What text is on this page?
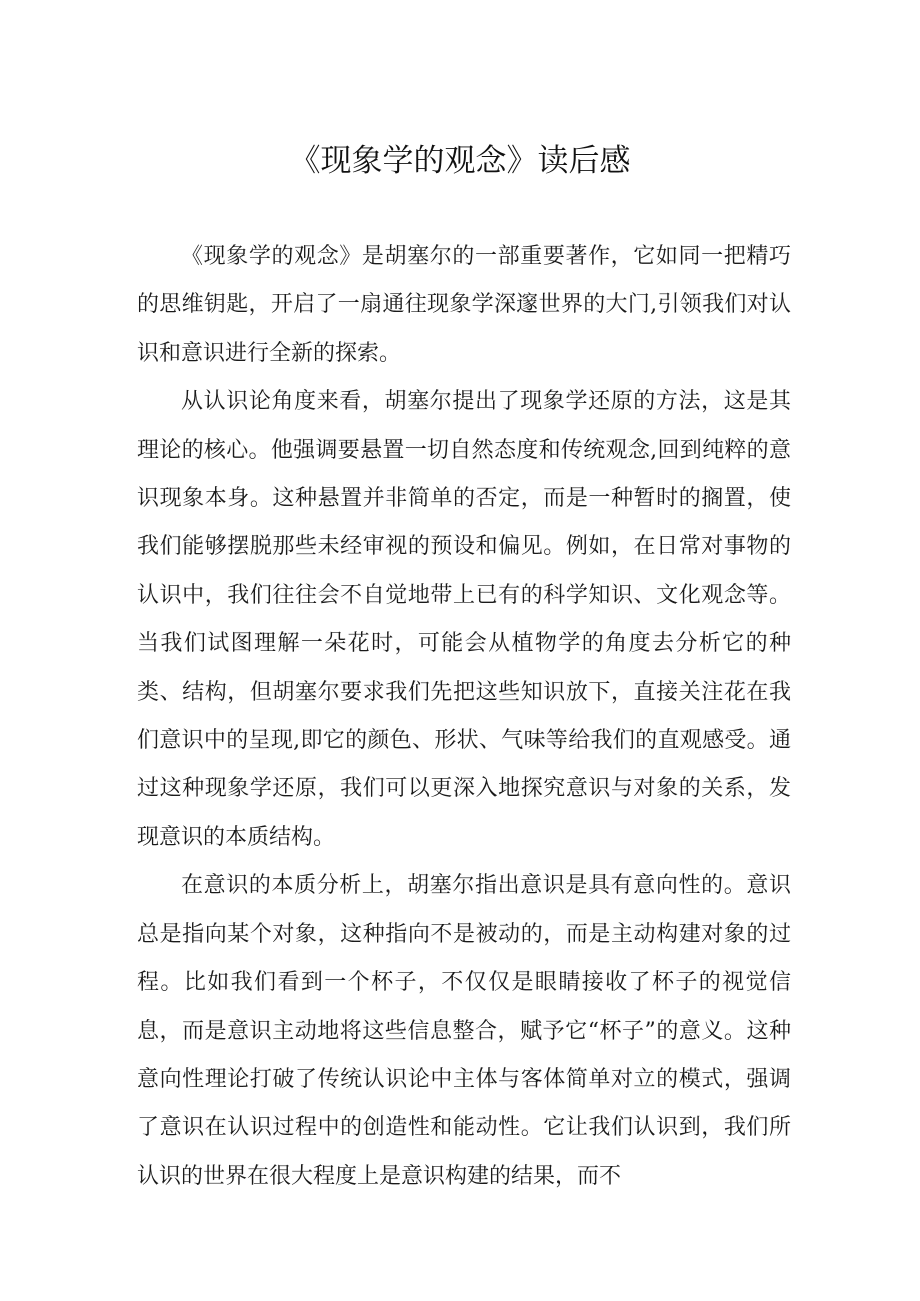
《现象学的观念》读后感

《现象学的观念》是胡塞尔的一部重要著作，它如同一把精巧的思维钥匙，开启了一扇通往现象学深邃世界的大门,引领我们对认识和意识进行全新的探索。

从认识论角度来看，胡塞尔提出了现象学还原的方法，这是其理论的核心。他强调要悬置一切自然态度和传统观念,回到纯粹的意识现象本身。这种悬置并非简单的否定，而是一种暂时的搁置，使我们能够摆脱那些未经审视的预设和偏见。例如，在日常对事物的认识中，我们往往会不自觉地带上已有的科学知识、文化观念等。当我们试图理解一朵花时，可能会从植物学的角度去分析它的种类、结构，但胡塞尔要求我们先把这些知识放下，直接关注花在我们意识中的呈现,即它的颜色、形状、气味等给我们的直观感受。通过这种现象学还原，我们可以更深入地探究意识与对象的关系，发现意识的本质结构。

在意识的本质分析上，胡塞尔指出意识是具有意向性的。意识总是指向某个对象，这种指向不是被动的，而是主动构建对象的过程。比如我们看到一个杯子，不仅仅是眼睛接收了杯子的视觉信息，而是意识主动地将这些信息整合，赋予它“杯子”的意义。这种意向性理论打破了传统认识论中主体与客体简单对立的模式，强调了意识在认识过程中的创造性和能动性。它让我们认识到，我们所认识的世界在很大程度上是意识构建的结果，而不
